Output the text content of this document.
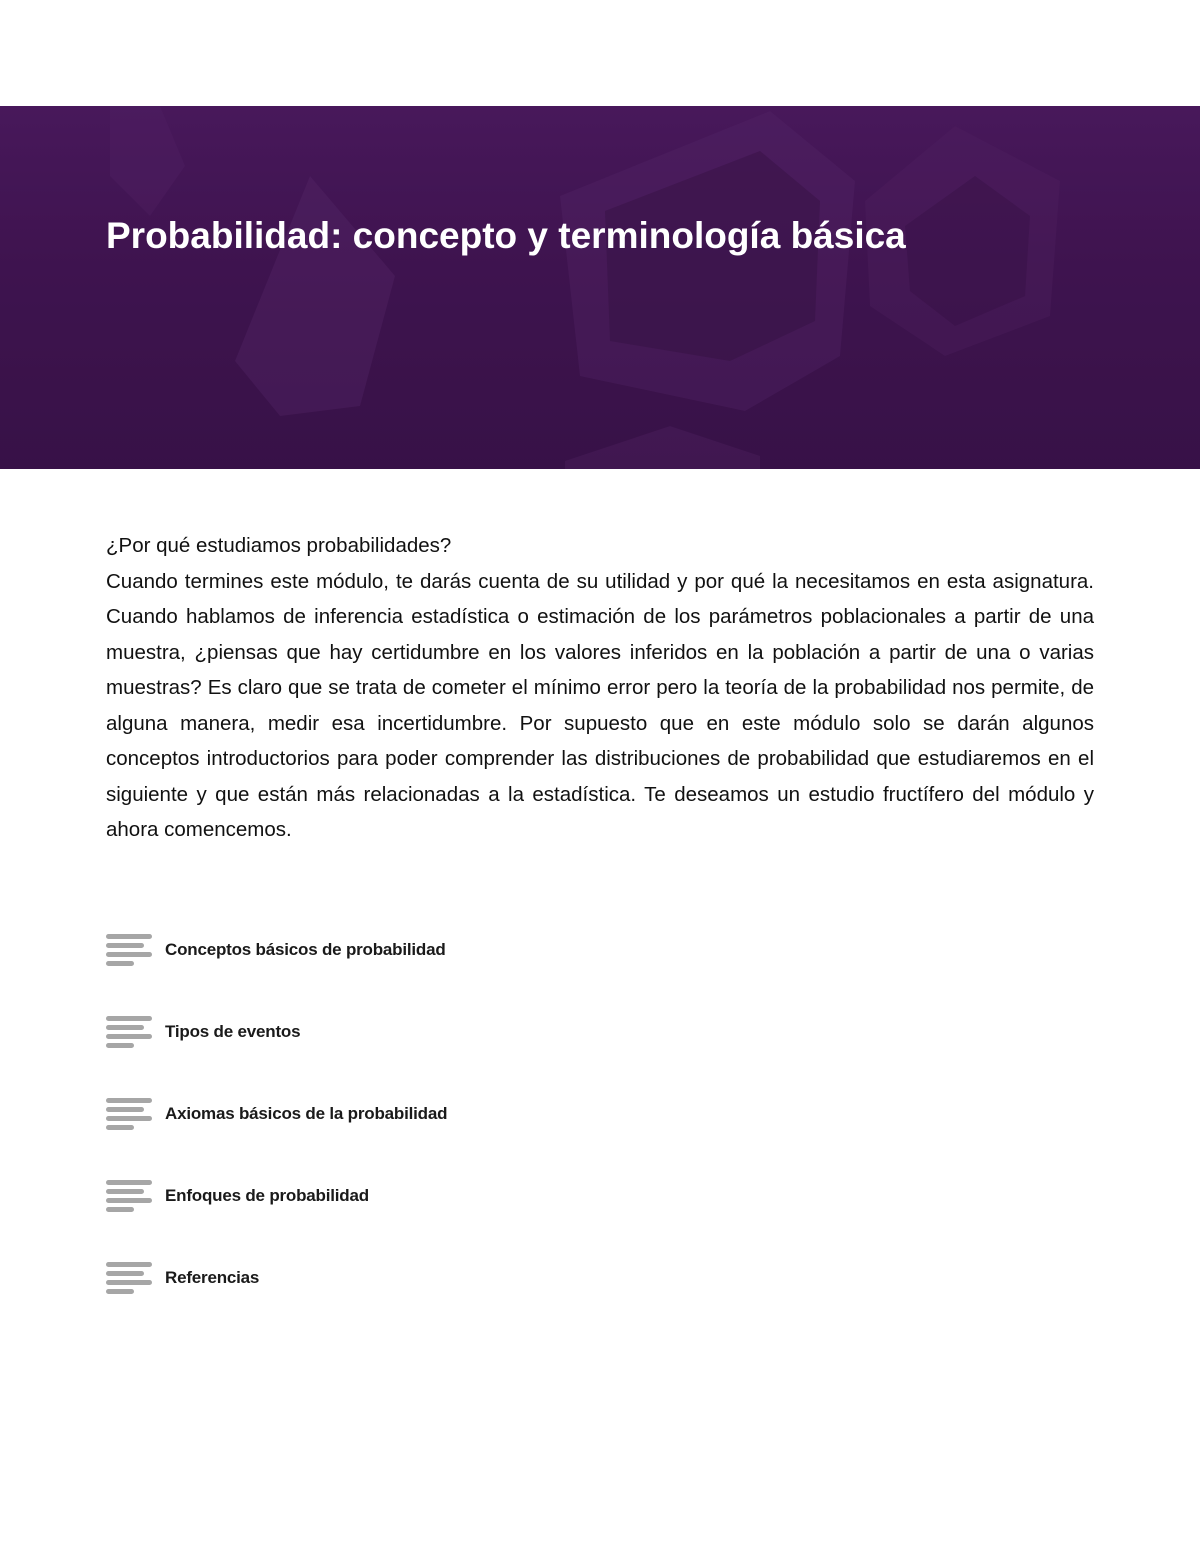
Probabilidad: concepto y terminología básica

¿Por qué estudiamos probabilidades?

Cuando termines este módulo, te darás cuenta de su utilidad y por qué la necesitamos en esta asignatura. Cuando hablamos de inferencia estadística o estimación de los parámetros poblacionales a partir de una muestra, ¿piensas que hay certidumbre en los valores inferidos en la población a partir de una o varias muestras? Es claro que se trata de cometer el mínimo error pero la teoría de la probabilidad nos permite, de alguna manera, medir esa incertidumbre. Por supuesto que en este módulo solo se darán algunos conceptos introductorios para poder comprender las distribuciones de probabilidad que estudiaremos en el siguiente y que están más relacionadas a la estadística. Te deseamos un estudio fructífero del módulo y ahora comencemos.

Conceptos básicos de probabilidad
Tipos de eventos
Axiomas básicos de la probabilidad
Enfoques de probabilidad
Referencias
